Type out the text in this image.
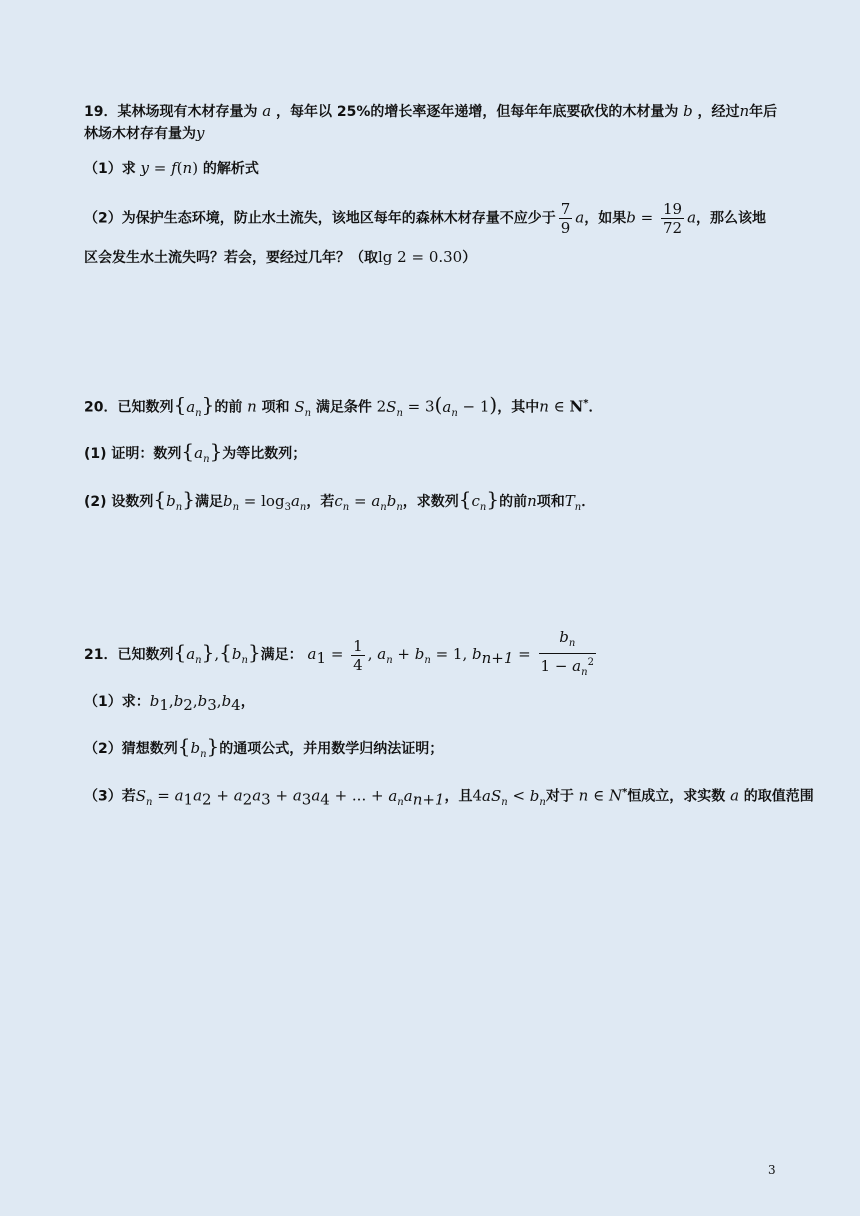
19．某林场现有木材存量为 a ，每年以 25%的增长率逐年递增，但每年年底要砍伐的木材量为 b ，经过n年后
林场木材存有量为y
（1）求 y = f(n) 的解析式
（2）为保护生态环境，防止水土流失，该地区每年的森林木材存量不应少于 $\frac{7}{9}$ a，如果$b = \frac{19}{72}$ a，那么该地
区会发生水土流失吗？若会，要经过几年？（取lg 2 = 0.30）
20．已知数列$\{a_n\}$的前 n 项和 $S_n$ 满足条件 $2S_n = 3(a_n - 1)$，其中n ∈ N*．
(1) 证明：数列$\{a_n\}$为等比数列；
(2) 设数列$\{b_n\}$满足$b_n = \log_3a_n$，若$c_n = a_nb_n$，求数列$\{c_n\}$的前n项和$T_n$．
21．已知数列$\{a_n\},\{b_n\}$满足： $a_1 = \frac{1}{4}$ , $a_n + b_n = 1$, $b_{n+1} = \frac{b_n}{1 - a_n^2}$
（1）求：$b_1,b_2,b_3,b_4$，
（2）猜想数列$\{b_n\}$的通项公式，并用数学归纳法证明；
（3）若$S_n = a_1a_2 + a_2a_3 + a_3a_4$ + ... + $a_na_{n+1}$，且$4aS_n < b_n$对于 n ∈ N*恒成立，求实数 a 的取值范围
3
